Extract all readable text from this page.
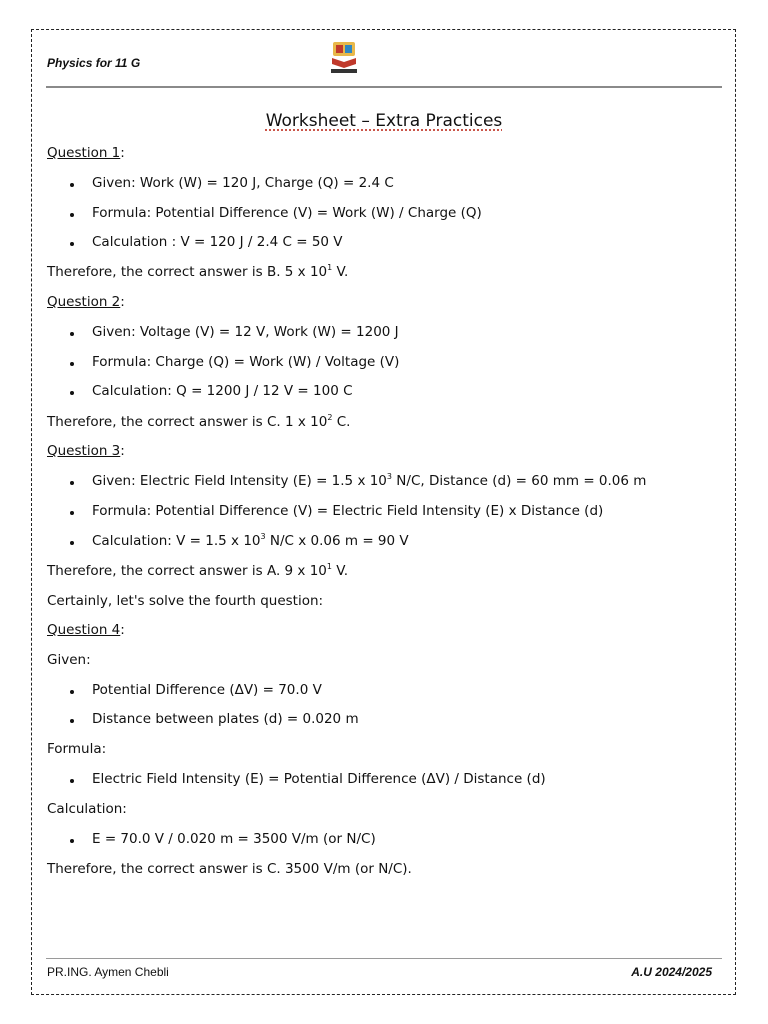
Physics for 11 G
Worksheet – Extra Practices
Question 1:
Given: Work (W) = 120 J, Charge (Q) = 2.4 C
Formula: Potential Difference (V) = Work (W) / Charge (Q)
Calculation : V = 120 J / 2.4 C = 50 V
Therefore, the correct answer is B. 5 x $10^1$ V.
Question 2:
Given: Voltage (V) = 12 V, Work (W) = 1200 J
Formula: Charge (Q) = Work (W) / Voltage (V)
Calculation: Q = 1200 J / 12 V = 100 C
Therefore, the correct answer is C. 1 x $10^2$ C.
Question 3:
Given: Electric Field Intensity (E) = 1.5 x $10^3$ N/C, Distance (d) = 60 mm = 0.06 m
Formula: Potential Difference (V) = Electric Field Intensity (E) x Distance (d)
Calculation: V = 1.5 x $10^3$ N/C x 0.06 m = 90 V
Therefore, the correct answer is A. 9 x $10^1$ V.
Certainly, let's solve the fourth question:
Question 4:
Given:
Potential Difference (ΔV) = 70.0 V
Distance between plates (d) = 0.020 m
Formula:
Electric Field Intensity (E) = Potential Difference (ΔV) / Distance (d)
Calculation:
E = 70.0 V / 0.020 m = 3500 V/m (or N/C)
Therefore, the correct answer is C. 3500 V/m (or N/C).
PR.ING. Aymen Chebli	A.U 2024/2025
